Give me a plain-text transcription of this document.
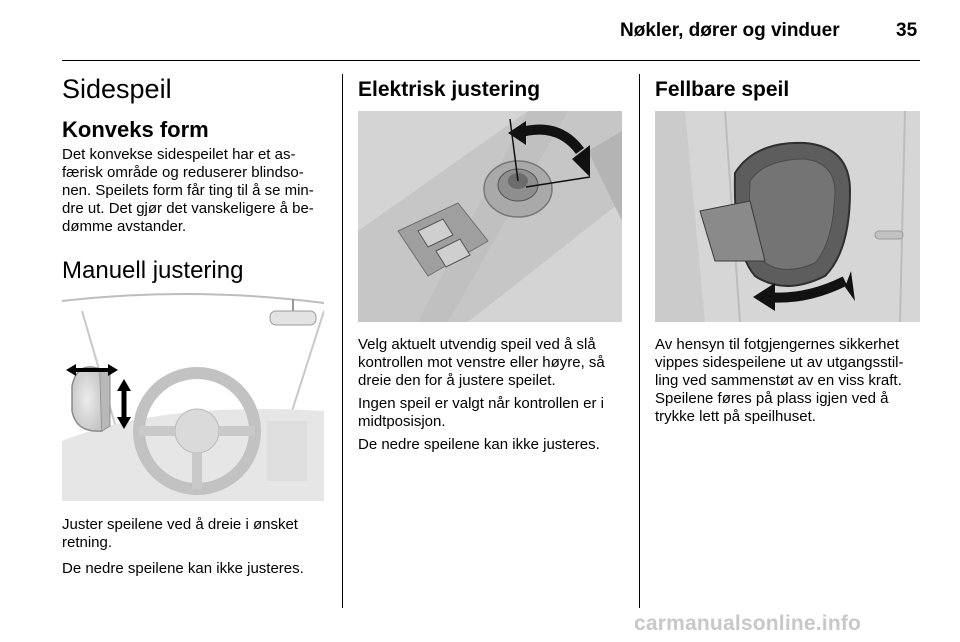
Nøkler, dører og vinduer	35
Sidespeil
Konveks form
Det konvekse sidespeilet har et as-
færisk område og reduserer blindso-
nen. Speilets form får ting til å se min-
dre ut. Det gjør det vanskeligere å be-
dømme avstander.
Manuell justering
Juster speilene ved å dreie i ønsket
retning.
De nedre speilene kan ikke justeres.
Elektrisk justering
Velg aktuelt utvendig speil ved å slå
kontrollen mot venstre eller høyre, så
dreie den for å justere speilet.
Ingen speil er valgt når kontrollen er i
midtposisjon.
De nedre speilene kan ikke justeres.
Fellbare speil
Av hensyn til fotgjengernes sikkerhet
vippes sidespeilene ut av utgangsstil-
ling ved sammenstøt av en viss kraft.
Speilene føres på plass igjen ved å
trykke lett på speilhuset.
carmanualsonline.info
